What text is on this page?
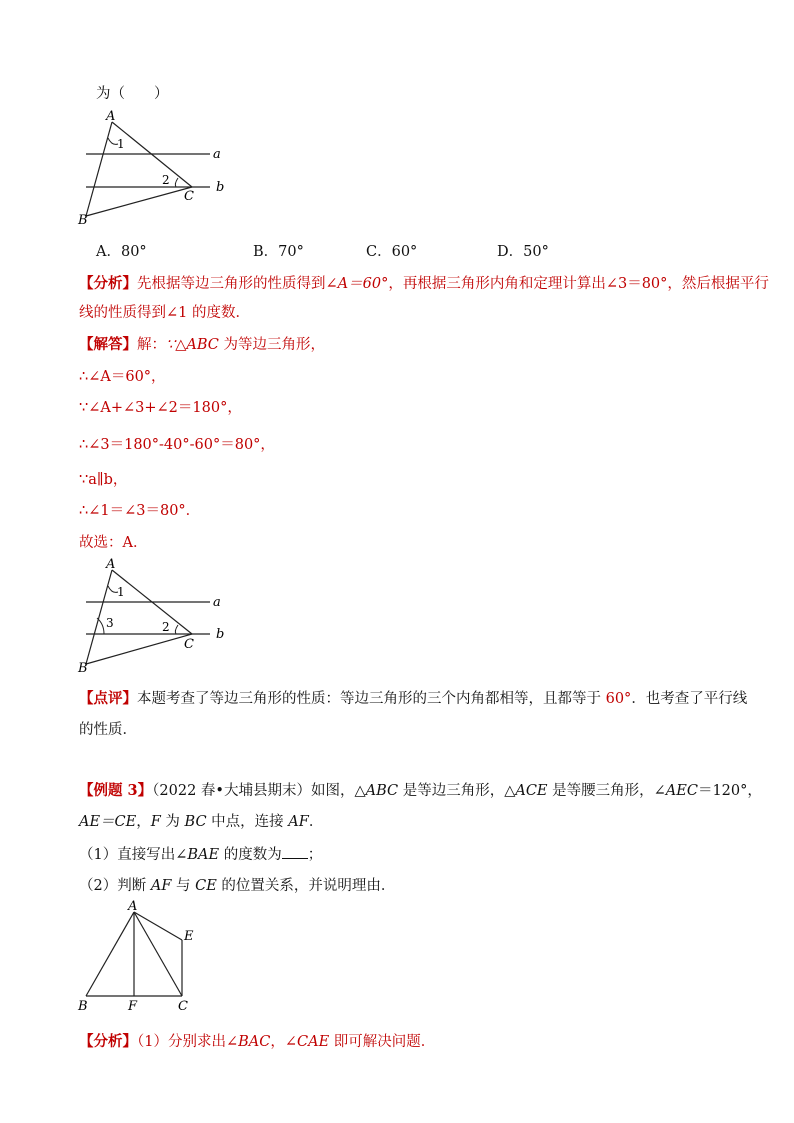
为（　　）
A
B
C
a
b
1
2
A．80°	B．70°	C．60°	D．50°
【分析】先根据等边三角形的性质得到∠A＝60°，再根据三角形内角和定理计算出∠3＝80°，然后根据平行
线的性质得到∠1 的度数．
【解答】解：∵△ABC 为等边三角形，
∴∠A＝60°，
∵∠A+∠3+∠2＝180°，
∴∠3＝180°-40°-60°＝80°，
∵a∥b，
∴∠1＝∠3＝80°．
故选：A．
A
B
C
a
b
1
2
3
【点评】本题考查了等边三角形的性质：等边三角形的三个内角都相等，且都等于 60°．也考查了平行线
的性质．
【例题 3】（2022 春•大埔县期末）如图，△ABC 是等边三角形，△ACE 是等腰三角形，∠AEC＝120°，
AE＝CE，F 为 BC 中点，连接 AF．
（1）直接写出∠BAE 的度数为 ；
（2）判断 AF 与 CE 的位置关系，并说明理由．
A
B	C
E
F
【分析】（1）分别求出∠BAC，∠CAE 即可解决问题．
